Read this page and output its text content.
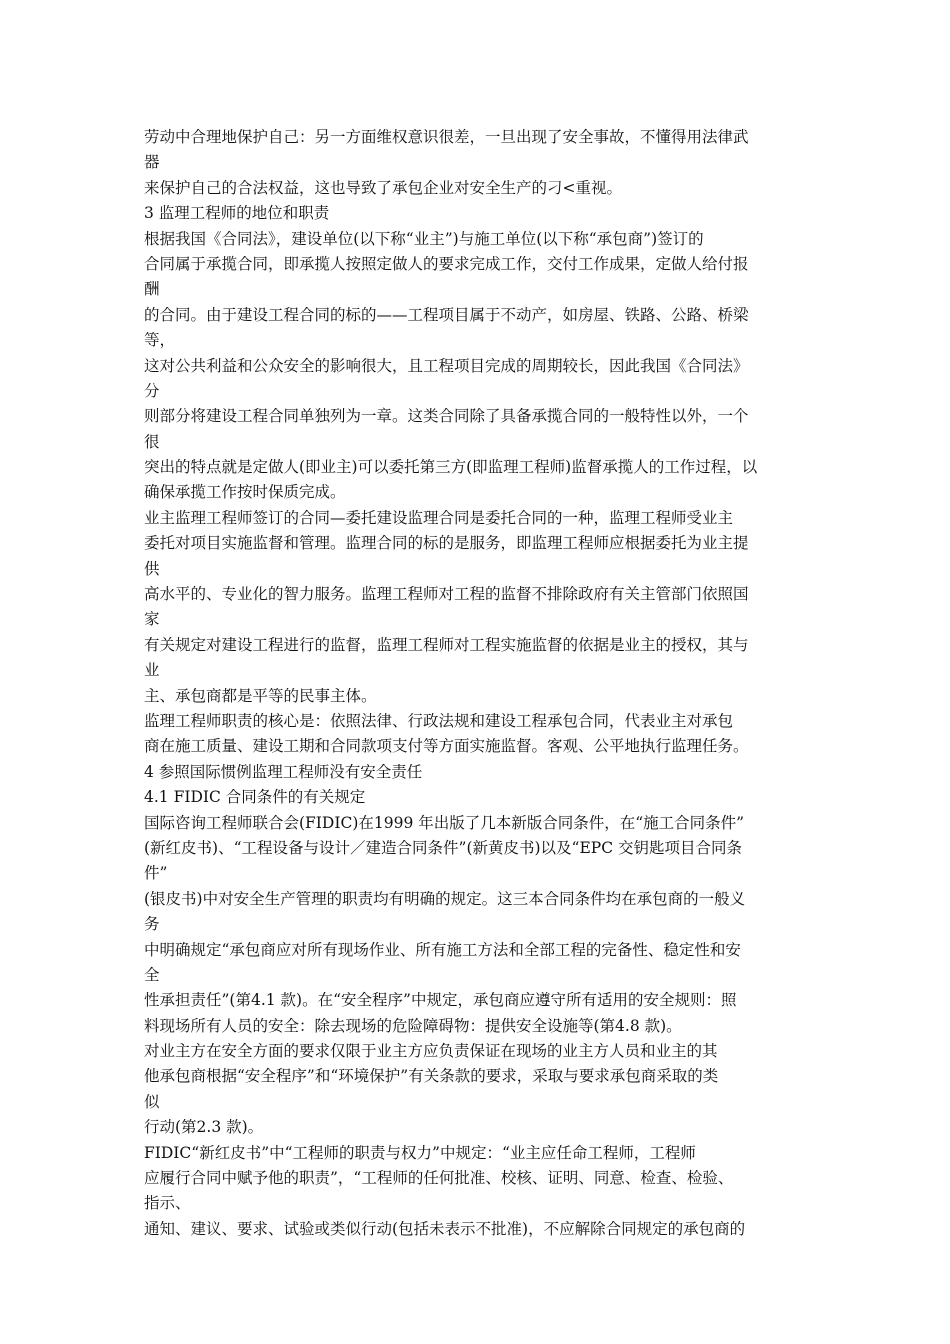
劳动中合理地保护自己：另一方面维权意识很差，一旦出现了安全事故，不懂得用法律武
器
来保护自己的合法权益，这也导致了承包企业对安全生产的刁<重视。
3 监理工程师的地位和职责
根据我国《合同法》，建设单位(以下称“业主”)与施工单位(以下称“承包商”)签订的
合同属于承揽合同，即承揽人按照定做人的要求完成工作，交付工作成果，定做人给付报
酬
的合同。由于建设工程合同的标的——工程项目属于不动产，如房屋、铁路、公路、桥梁
等，
这对公共利益和公众安全的影响很大，且工程项目完成的周期较长，因此我国《合同法》
分
则部分将建设工程合同单独列为一章。这类合同除了具备承揽合同的一般特性以外，一个
很
突出的特点就是定做人(即业主)可以委托第三方(即监理工程师)监督承揽人的工作过程，以
确保承揽工作按时保质完成。
业主监理工程师签订的合同—委托建设监理合同是委托合同的一种，监理工程师受业主
委托对项目实施监督和管理。监理合同的标的是服务，即监理工程师应根据委托为业主提
供
高水平的、专业化的智力服务。监理工程师对工程的监督不排除政府有关主管部门依照国
家
有关规定对建设工程进行的监督，监理工程师对工程实施监督的依据是业主的授权，其与
业
主、承包商都是平等的民事主体。
监理工程师职责的核心是：依照法律、行政法规和建设工程承包合同，代表业主对承包
商在施工质量、建设工期和合同款项支付等方面实施监督。客观、公平地执行监理任务。
4 参照国际惯例监理工程师没有安全责任
4.1 FIDIC 合同条件的有关规定
国际咨询工程师联合会(FIDIC)在1999 年出版了几本新版合同条件，在“施工合同条件”
(新红皮书)、“工程设备与设计／建造合同条件”(新黄皮书)以及“EPC 交钥匙项目合同条
件”
(银皮书)中对安全生产管理的职责均有明确的规定。这三本合同条件均在承包商的一般义
务
中明确规定“承包商应对所有现场作业、所有施工方法和全部工程的完备性、稳定性和安
全
性承担责任”(第4.1 款)。在“安全程序”中规定，承包商应遵守所有适用的安全规则：照
料现场所有人员的安全：除去现场的危险障碍物：提供安全设施等(第4.8 款)。
对业主方在安全方面的要求仅限于业主方应负责保证在现场的业主方人员和业主的其
他承包商根据“安全程序”和“环境保护”有关条款的要求，采取与要求承包商采取的类
似
行动(第2.3 款)。
FIDIC“新红皮书”中“工程师的职责与权力”中规定：“业主应任命工程师，工程师
应履行合同中赋予他的职责”，“工程师的任何批准、校核、证明、同意、检查、检验、
指示、
通知、建议、要求、试验或类似行动(包括未表示不批准)，不应解除合同规定的承包商的
